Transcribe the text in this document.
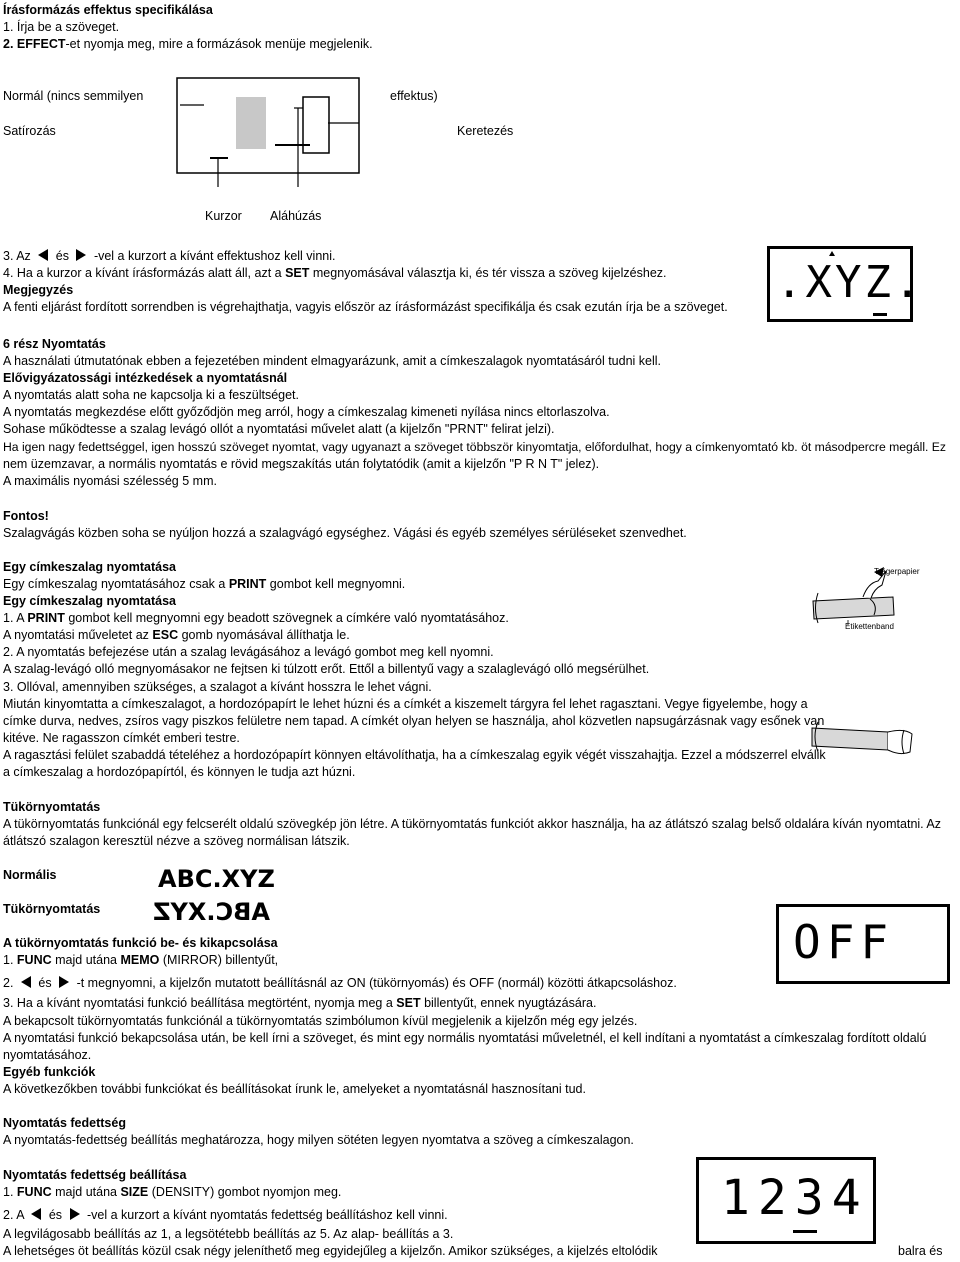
Írásformázás effektus specifikálása
1. Írja be a szöveget.
2. EFFECT-et nyomja meg, mire a formázások menüje megjelenik.
Normál (nincs semmilyen	effektus)
Satírozás	Keretezés
Kurzor Aláhúzás
3. Az és -vel a kurzort a kívánt effektushoz kell vinni.
4. Ha a kurzor a kívánt írásformázás alatt áll, azt a SET megnyomásával választja ki, és tér vissza a szöveg kijelzéshez.
Megjegyzés
A fenti eljárást fordított sorrendben is végrehajthatja, vagyis először az írásformázást specifikálja és csak ezután írja be a szöveget. .XYZ.
6 rész Nyomtatás
A használati útmutatónak ebben a fejezetében mindent elmagyarázunk, amit a címkeszalagok nyomtatásáról tudni kell.
Elővigyázatossági intézkedések a nyomtatásnál
A nyomtatás alatt soha ne kapcsolja ki a feszültséget.
A nyomtatás megkezdése előtt győződjön meg arról, hogy a címkeszalag kimeneti nyílása nincs eltorlaszolva.
Sohase működtesse a szalag levágó ollót a nyomtatási művelet alatt (a kijelzőn "PRNT" felirat jelzi).
Ha igen nagy fedettséggel, igen hosszú szöveget nyomtat, vagy ugyanazt a szöveget többször kinyomtatja, előfordulhat, hogy a címkenyomtató kb. öt másodpercre megáll. Ez
nem üzemzavar, a normális nyomtatás e rövid megszakítás után folytatódik (amit a kijelzőn "P R N T" jelez).
A maximális nyomási szélesség 5 mm.
Fontos!
Szalagvágás közben soha se nyúljon hozzá a szalagvágó egységhez. Vágási és egyéb személyes sérüléseket szenvedhet.
Egy címkeszalag nyomtatása
Egy címkeszalag nyomtatásához csak a PRINT gombot kell megnyomni.
Egy címkeszalag nyomtatása
1. A PRINT gombot kell megnyomni egy beadott szövegnek a címkére való nyomtatásához.
A nyomtatási műveletet az ESC gomb nyomásával állíthatja le.
2. A nyomtatás befejezése után a szalag levágásához a levágó gombot meg kell nyomni.
A szalag-levágó olló megnyomásakor ne fejtsen ki túlzott erőt. Ettől a billentyű vagy a szalaglevágó olló megsérülhet.
3. Ollóval, amennyiben szükséges, a szalagot a kívánt hosszra le lehet vágni.
Miután kinyomtatta a címkeszalagot, a hordozópapírt le lehet húzni és a címkét a kiszemelt tárgyra fel lehet ragasztani. Vegye figyelembe, hogy a
címke durva, nedves, zsíros vagy piszkos felületre nem tapad. A címkét olyan helyen se használja, ahol közvetlen napsugárzásnak vagy esőnek van
kitéve. Ne ragasszon címkét emberi testre.
A ragasztási felület szabaddá tételéhez a hordozópapírt könnyen eltávolíthatja, ha a címkeszalag egyik végét visszahajtja. Ezzel a módszerrel elválik
a címkeszalag a hordozópapírtól, és könnyen le tudja azt húzni.
Trägerpapier
Etikettenband
Tükörnyomtatás
A tükörnyomtatás funkciónál egy felcserélt oldalú szövegkép jön létre. A tükörnyomtatás funkciót akkor használja, ha az átlátszó szalag belső oldalára kíván nyomtatni. Az
átlátszó szalagon keresztül nézve a szöveg normálisan látszik.
Normális
Tükörnyomtatás
ABC.XYZ
ABC.XYZ
OFF
A tükörnyomtatás funkció be- és kikapcsolása
1. FUNC majd utána MEMO (MIRROR) billentyűt,
2. és -t megnyomni, a kijelzőn mutatott beállításnál az ON (tükörnyomás) és OFF (normál) közötti átkapcsoláshoz.
3. Ha a kívánt nyomtatási funkció beállítása megtörtént, nyomja meg a SET billentyűt, ennek nyugtázására.
A bekapcsolt tükörnyomtatás funkciónál a tükörnyomtatás szimbólumon kívül megjelenik a kijelzőn még egy jelzés.
A nyomtatási funkció bekapcsolása után, be kell írni a szöveget, és mint egy normális nyomtatási műveletnél, el kell indítani a nyomtatást a címkeszalag fordított oldalú
nyomtatásához.
Egyéb funkciók
A következőkben további funkciókat és beállításokat írunk le, amelyeket a nyomtatásnál hasznosítani tud.
Nyomtatás fedettség
A nyomtatás-fedettség beállítás meghatározza, hogy milyen sötéten legyen nyomtatva a szöveg a címkeszalagon.
Nyomtatás fedettség beállítása
1. FUNC majd utána SIZE (DENSITY) gombot nyomjon meg.
2. A és -vel a kurzort a kívánt nyomtatás fedettség beállításhoz kell vinni.
A legvilágosabb beállítás az 1, a legsötétebb beállítás az 5. Az alap- beállítás a 3.
A lehetséges öt beállítás közül csak négy jeleníthető meg egyidejűleg a kijelzőn. Amikor szükséges, a kijelzés eltolódik	balra és
1234
